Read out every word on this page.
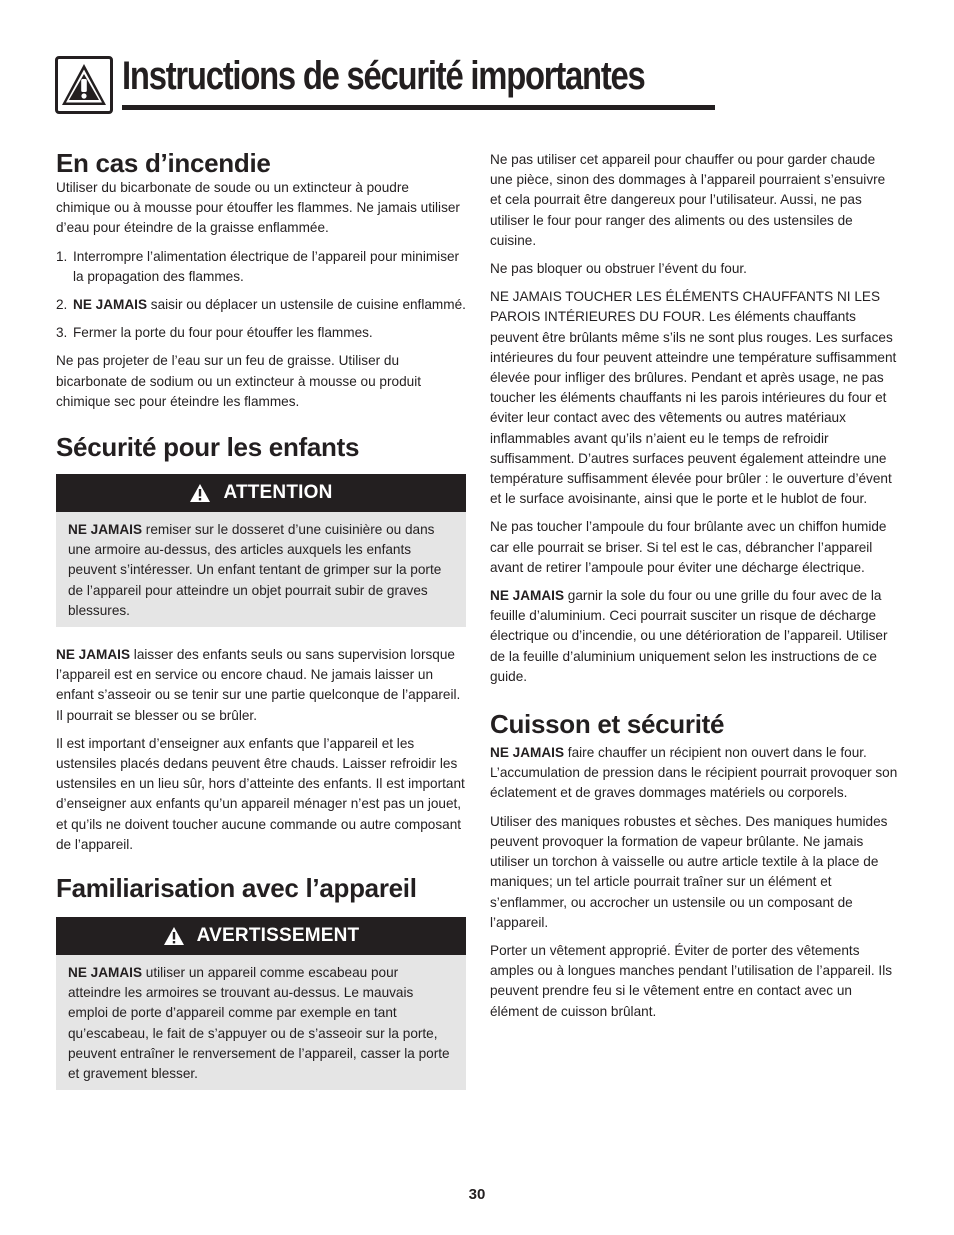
Instructions de sécurité importantes
En cas d’incendie

Utiliser du bicarbonate de soude ou un extincteur à poudre chimique ou à mousse pour étouffer les flammes. Ne jamais utiliser d’eau pour éteindre de la graisse enflammée.

1. Interrompre l’alimentation électrique de l’appareil pour minimiser la propagation des flammes.
2. NE JAMAIS saisir ou déplacer un ustensile de cuisine enflammé.
3. Fermer la porte du four pour étouffer les flammes.

Ne pas projeter de l’eau sur un feu de graisse. Utiliser du bicarbonate de sodium ou un extincteur à mousse ou produit chimique sec pour éteindre les flammes.

Sécurité pour les enfants
ATTENTION

NE JAMAIS remiser sur le dosseret d’une cuisinière ou dans une armoire au-dessus, des articles auxquels les enfants peuvent s’intéresser. Un enfant tentant de grimper sur la porte de l’appareil pour atteindre un objet pourrait subir de graves blessures.

NE JAMAIS laisser des enfants seuls ou sans supervision lorsque l’appareil est en service ou encore chaud. Ne jamais laisser un enfant s’asseoir ou se tenir sur une partie quelconque de l’appareil. Il pourrait se blesser ou se brûler.

Il est important d’enseigner aux enfants que l’appareil et les ustensiles placés dedans peuvent être chauds. Laisser refroidir les ustensiles en un lieu sûr, hors d’atteinte des enfants. Il est important d’enseigner aux enfants qu’un appareil ménager n’est pas un jouet, et qu’ils ne doivent toucher aucune commande ou autre composant de l’appareil.

Familiarisation avec l’appareil
AVERTISSEMENT

NE JAMAIS utiliser un appareil comme escabeau pour atteindre les armoires se trouvant au-dessus. Le mauvais emploi de porte d’appareil comme par exemple en tant qu’escabeau, le fait de s’appuyer ou de s’asseoir sur la porte, peuvent entraîner le renversement de l’appareil, casser la porte et gravement blesser.

Ne pas utiliser cet appareil pour chauffer ou pour garder chaude une pièce, sinon des dommages à l’appareil pourraient s’ensuivre et cela pourrait être dangereux pour l’utilisateur. Aussi, ne pas utiliser le four pour ranger des aliments ou des ustensiles de cuisine.

Ne pas bloquer ou obstruer l’évent du four.

NE JAMAIS TOUCHER LES ÉLÉMENTS CHAUFFANTS NI LES PAROIS INTÉRIEURES DU FOUR. Les éléments chauffants peuvent être brûlants même s’ils ne sont plus rouges. Les surfaces intérieures du four peuvent atteindre une température suffisamment élevée pour infliger des brûlures. Pendant et après usage, ne pas toucher les éléments chauffants ni les parois intérieures du four et éviter leur contact avec des vêtements ou autres matériaux inflammables avant qu’ils n’aient eu le temps de refroidir suffisamment. D’autres surfaces peuvent également atteindre une température suffisamment élevée pour brûler : le ouverture d’évent et le surface avoisinante, ainsi que le porte et le hublot de four.

Ne pas toucher l’ampoule du four brûlante avec un chiffon humide car elle pourrait se briser. Si tel est le cas, débrancher l’appareil avant de retirer l’ampoule pour éviter une décharge électrique.

NE JAMAIS garnir la sole du four ou une grille du four avec de la feuille d’aluminium. Ceci pourrait susciter un risque de décharge électrique ou d’incendie, ou une détérioration de l’appareil. Utiliser de la feuille d’aluminium uniquement selon les instructions de ce guide.

Cuisson et sécurité

NE JAMAIS faire chauffer un récipient non ouvert dans le four. L’accumulation de pression dans le récipient pourrait provoquer son éclatement et de graves dommages matériels ou corporels.

Utiliser des maniques robustes et sèches. Des maniques humides peuvent provoquer la formation de vapeur brûlante. Ne jamais utiliser un torchon à vaisselle ou autre article textile à la place de maniques; un tel article pourrait traîner sur un élément et s’enflammer, ou accrocher un ustensile ou un composant de l’appareil.

Porter un vêtement approprié. Éviter de porter des vêtements amples ou à longues manches pendant l’utilisation de l’appareil. Ils peuvent prendre feu si le vêtement entre en contact avec un élément de cuisson brûlant.

30
